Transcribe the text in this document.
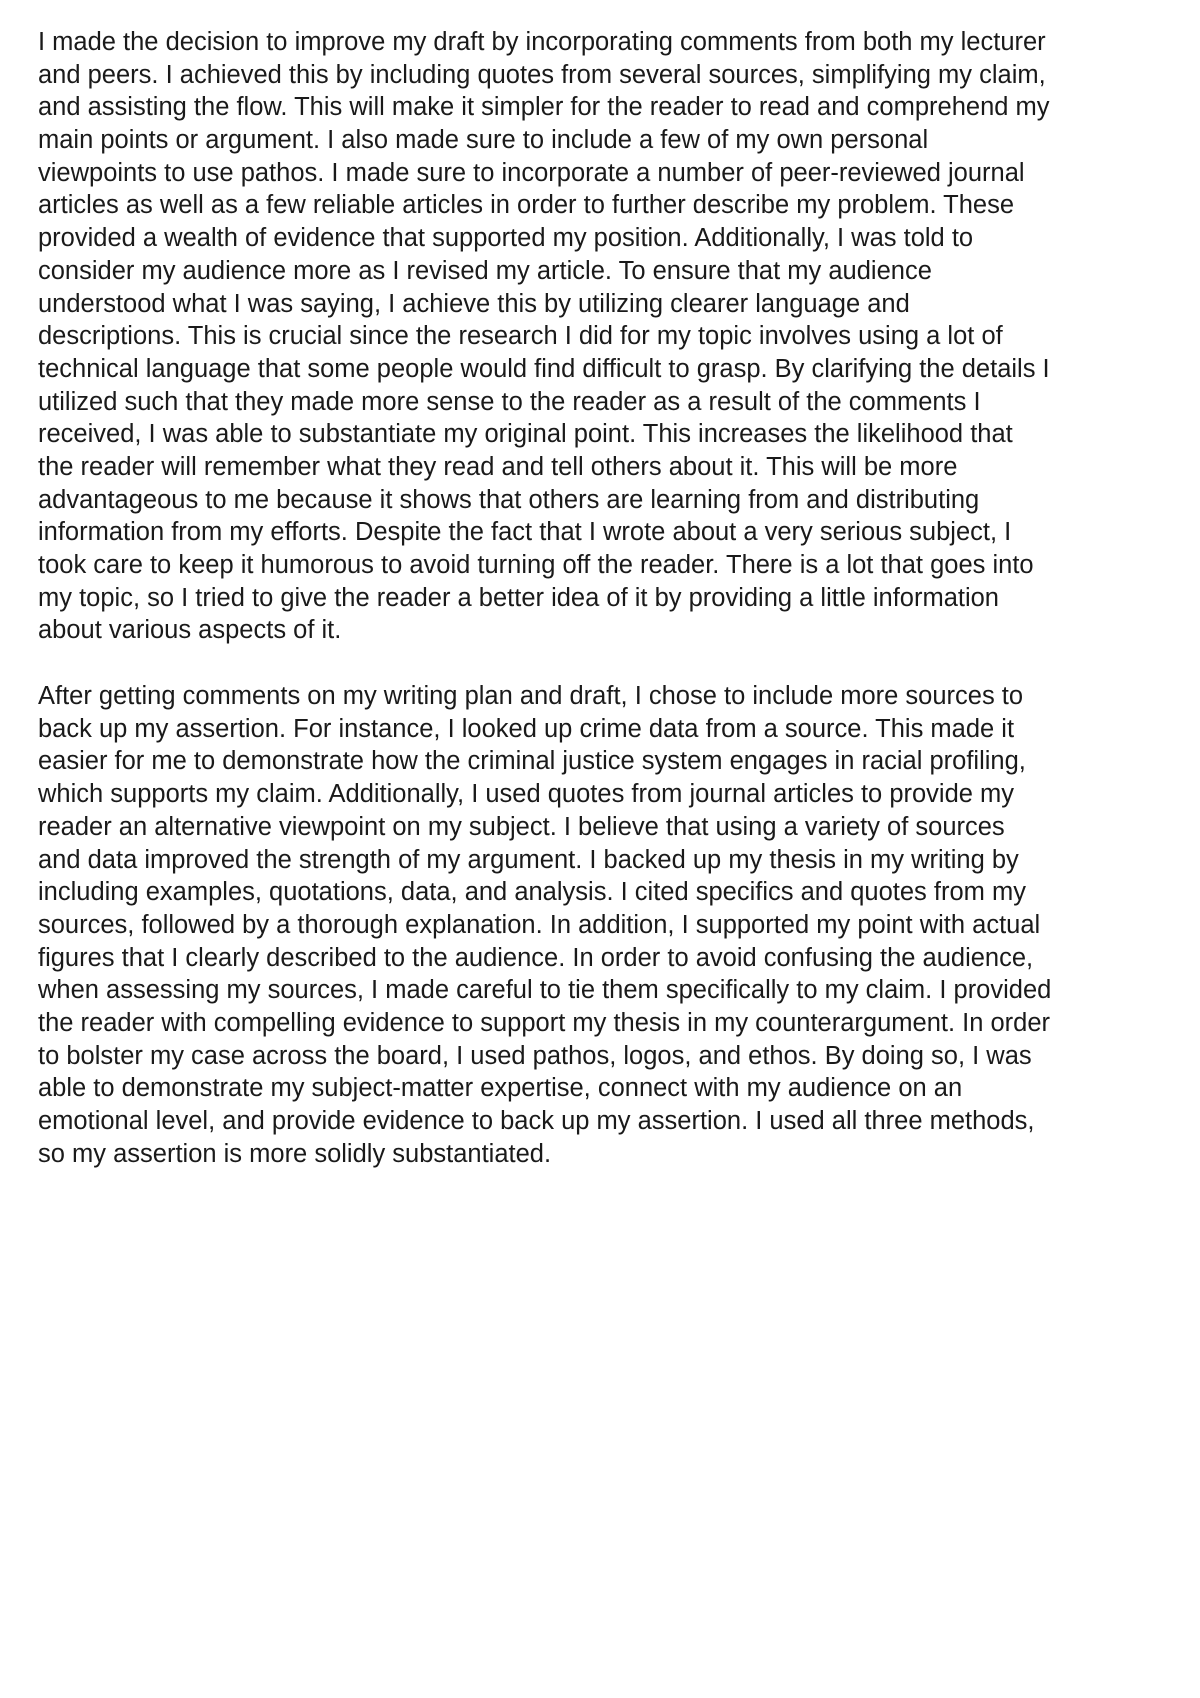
I made the decision to improve my draft by incorporating comments from both my lecturer
and peers. I achieved this by including quotes from several sources, simplifying my claim,
and assisting the flow. This will make it simpler for the reader to read and comprehend my
main points or argument. I also made sure to include a few of my own personal
viewpoints to use pathos. I made sure to incorporate a number of peer-reviewed journal
articles as well as a few reliable articles in order to further describe my problem. These
provided a wealth of evidence that supported my position. Additionally, I was told to
consider my audience more as I revised my article. To ensure that my audience
understood what I was saying, I achieve this by utilizing clearer language and
descriptions. This is crucial since the research I did for my topic involves using a lot of
technical language that some people would find difficult to grasp. By clarifying the details I
utilized such that they made more sense to the reader as a result of the comments I
received, I was able to substantiate my original point. This increases the likelihood that
the reader will remember what they read and tell others about it. This will be more
advantageous to me because it shows that others are learning from and distributing
information from my efforts. Despite the fact that I wrote about a very serious subject, I
took care to keep it humorous to avoid turning off the reader. There is a lot that goes into
my topic, so I tried to give the reader a better idea of it by providing a little information
about various aspects of it.
After getting comments on my writing plan and draft, I chose to include more sources to
back up my assertion. For instance, I looked up crime data from a source. This made it
easier for me to demonstrate how the criminal justice system engages in racial profiling,
which supports my claim. Additionally, I used quotes from journal articles to provide my
reader an alternative viewpoint on my subject. I believe that using a variety of sources
and data improved the strength of my argument. I backed up my thesis in my writing by
including examples, quotations, data, and analysis. I cited specifics and quotes from my
sources, followed by a thorough explanation. In addition, I supported my point with actual
figures that I clearly described to the audience. In order to avoid confusing the audience,
when assessing my sources, I made careful to tie them specifically to my claim. I provided
the reader with compelling evidence to support my thesis in my counterargument. In order
to bolster my case across the board, I used pathos, logos, and ethos. By doing so, I was
able to demonstrate my subject-matter expertise, connect with my audience on an
emotional level, and provide evidence to back up my assertion. I used all three methods,
so my assertion is more solidly substantiated.
